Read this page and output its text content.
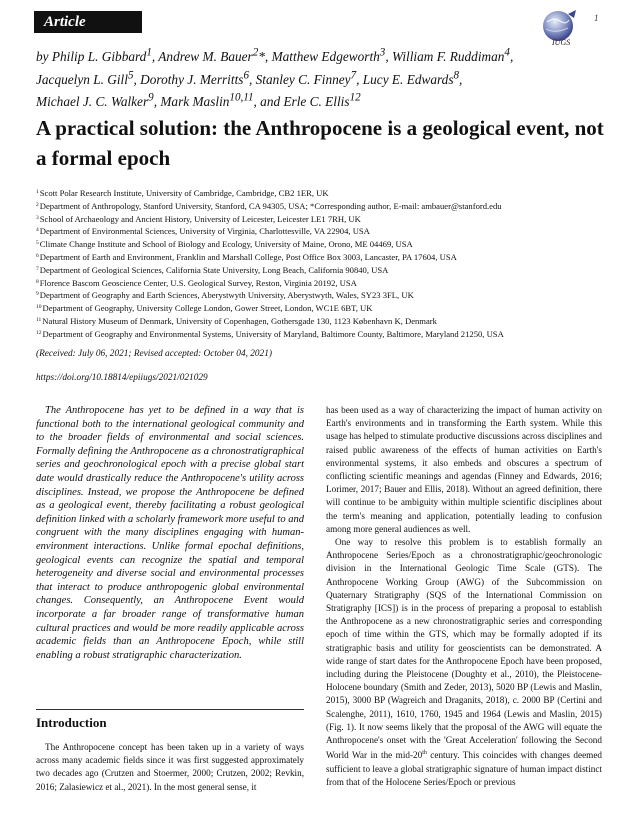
Article
IUGS
1
by Philip L. Gibbard$^1$, Andrew M. Bauer$^2$*, Matthew Edgeworth$^3$, William F. Ruddiman$^4$,
Jacquelyn L. Gill$^5$, Dorothy J. Merritts$^6$, Stanley C. Finney$^7$, Lucy E. Edwards$^8$,
Michael J. C. Walker$^9$, Mark Maslin$^{10,11}$, and Erle C. Ellis$^{12}$
A practical solution: the Anthropocene is a geological event, not a formal epoch
$^1$Scott Polar Research Institute, University of Cambridge, Cambridge, CB2 1ER, UK
$^2$Department of Anthropology, Stanford University, Stanford, CA 94305, USA; *Corresponding author, E-mail: ambauer@stanford.edu
$^3$School of Archaeology and Ancient History, University of Leicester, Leicester LE1 7RH, UK
$^4$Department of Environmental Sciences, University of Virginia, Charlottesville, VA 22904, USA
$^5$Climate Change Institute and School of Biology and Ecology, University of Maine, Orono, ME 04469, USA
$^6$Department of Earth and Environment, Franklin and Marshall College, Post Office Box 3003, Lancaster, PA 17604, USA
$^7$Department of Geological Sciences, California State University, Long Beach, California 90840, USA
$^8$Florence Bascom Geoscience Center, U.S. Geological Survey, Reston, Virginia 20192, USA
$^9$Department of Geography and Earth Sciences, Aberystwyth University, Aberystwyth, Wales, SY23 3FL, UK
$^{10}$Department of Geography, University College London, Gower Street, London, WC1E 6BT, UK
$^{11}$Natural History Museum of Denmark, University of Copenhagen, Gothersgade 130, 1123 København K, Denmark
$^{12}$Department of Geography and Environmental Systems, University of Maryland, Baltimore County, Baltimore, Maryland 21250, USA
(Received: July 06, 2021; Revised accepted: October 04, 2021)
https://doi.org/10.18814/epiiugs/2021/021029

The Anthropocene has yet to be defined in a way that is functional both to the international geological community and to the broader fields of environmental and social sciences. Formally defining the Anthropocene as a chronostratigraphical series and geochronological epoch with a precise global start date would drastically reduce the Anthropocene's utility across disciplines. Instead, we propose the Anthropocene be defined as a geological event, thereby facilitating a robust geological definition linked with a scholarly framework more useful to and congruent with the many disciplines engaging with human-environment interactions. Unlike formal epochal definitions, geological events can recognize the spatial and temporal heterogeneity and diverse social and environmental processes that interact to produce anthropogenic global environmental changes. Consequently, an Anthropocene Event would incorporate a far broader range of transformative human cultural practices and would be more readily applicable across academic fields than an Anthropocene Epoch, while still enabling a robust stratigraphic characterization.

Introduction

The Anthropocene concept has been taken up in a variety of ways across many academic fields since it was first suggested approximately two decades ago (Crutzen and Stoermer, 2000; Crutzen, 2002; Revkin, 2016; Zalasiewicz et al., 2021). In the most general sense, it

has been used as a way of characterizing the impact of human activity on Earth's environments and in transforming the Earth system. While this usage has helped to stimulate productive discussions across disciplines and raised public awareness of the effects of human activities on Earth's environmental systems, it also embeds and obscures a spectrum of conflicting scientific meanings and agendas (Finney and Edwards, 2016; Lorimer, 2017; Bauer and Ellis, 2018). Without an agreed definition, there will continue to be ambiguity within multiple scientific disciplines about the term's meaning and application, potentially leading to confusion among more general audiences as well.

One way to resolve this problem is to establish formally an Anthropocene Series/Epoch as a chronostratigraphic/geochronologic division in the International Geologic Time Scale (GTS). The Anthropocene Working Group (AWG) of the Subcommission on Quaternary Stratigraphy (SQS of the International Commission on Stratigraphy [ICS]) is in the process of preparing a proposal to establish the Anthropocene as a new chronostratigraphic series and corresponding epoch of time within the GTS, which may be formally adopted if its stratigraphic basis and utility for geoscientists can be demonstrated. A wide range of start dates for the Anthropocene Epoch have been proposed, including during the Pleistocene (Doughty et al., 2010), the Pleistocene-Holocene boundary (Smith and Zeder, 2013), 5020 BP (Lewis and Maslin, 2015), 3000 BP (Wagreich and Draganits, 2018), c. 2000 BP (Certini and Scalenghe, 2011), 1610, 1760, 1945 and 1964 (Lewis and Maslin, 2015) (Fig. 1). It now seems likely that the proposal of the AWG will equate the Anthropocene's onset with the 'Great Acceleration' following the Second World War in the mid-20th century. This coincides with changes deemed sufficient to leave a global stratigraphic signature of human impact distinct from that of the Holocene Series/Epoch or previous
